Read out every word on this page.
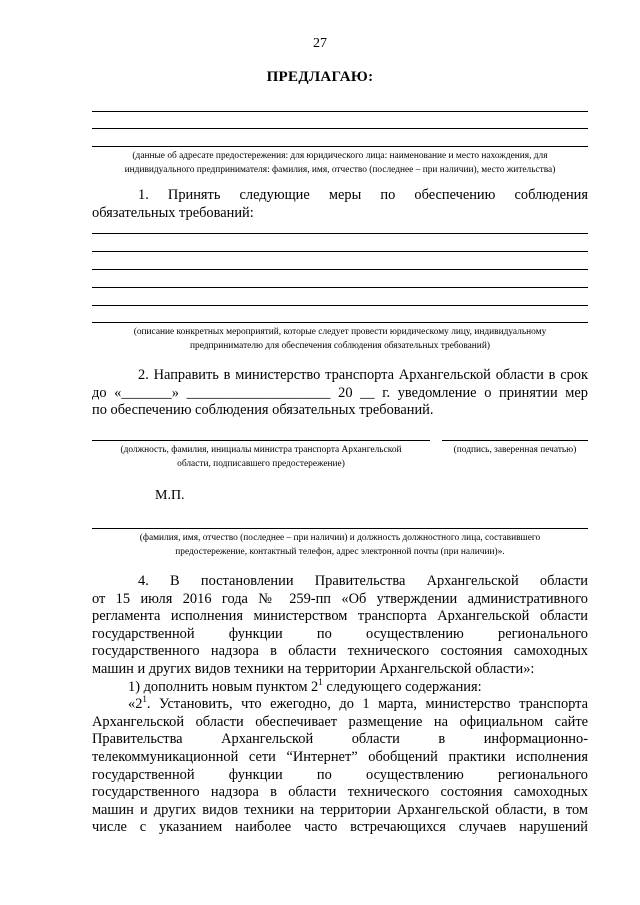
27
ПРЕДЛАГАЮ:
(данные об адресате предостережения: для юридического лица: наименование и место нахождения, для
индивидуального предпринимателя: фамилия, имя, отчество (последнее – при наличии), место жительства)
1. Принять следующие меры по обеспечению соблюдения
обязательных требований:
(описание конкретных мероприятий, которые следует провести юридическому лицу, индивидуальному
предпринимателю для обеспечения соблюдения обязательных требований)
2. Направить в министерство транспорта Архангельской области в срок
до «_______» ____________________ 20 __ г. уведомление о принятии мер
по обеспечению соблюдения обязательных требований.
(должность, фамилия, инициалы министра транспорта Архангельской
области, подписавшего предостережение)
(подпись, заверенная печатью)
М.П.
(фамилия, имя, отчество (последнее – при наличии) и должность должностного лица, составившего
предостережение, контактный телефон, адрес электронной почты (при наличии)».
4. В постановлении Правительства Архангельской области
от 15 июля 2016 года № 259-пп «Об утверждении административного
регламента исполнения министерством транспорта Архангельской области
государственной функции по осуществлению регионального
государственного надзора в области технического состояния самоходных
машин и других видов техники на территории Архангельской области»:
1) дополнить новым пунктом $2^1$ следующего содержания:
«$2^1$. Установить, что ежегодно, до 1 марта, министерство транспорта
Архангельской области обеспечивает размещение на официальном сайте
Правительства Архангельской области в информационно-
телекоммуникационной сети “Интернет” обобщений практики исполнения
государственной функции по осуществлению регионального
государственного надзора в области технического состояния самоходных
машин и других видов техники на территории Архангельской области, в том
числе с указанием наиболее часто встречающихся случаев нарушений
